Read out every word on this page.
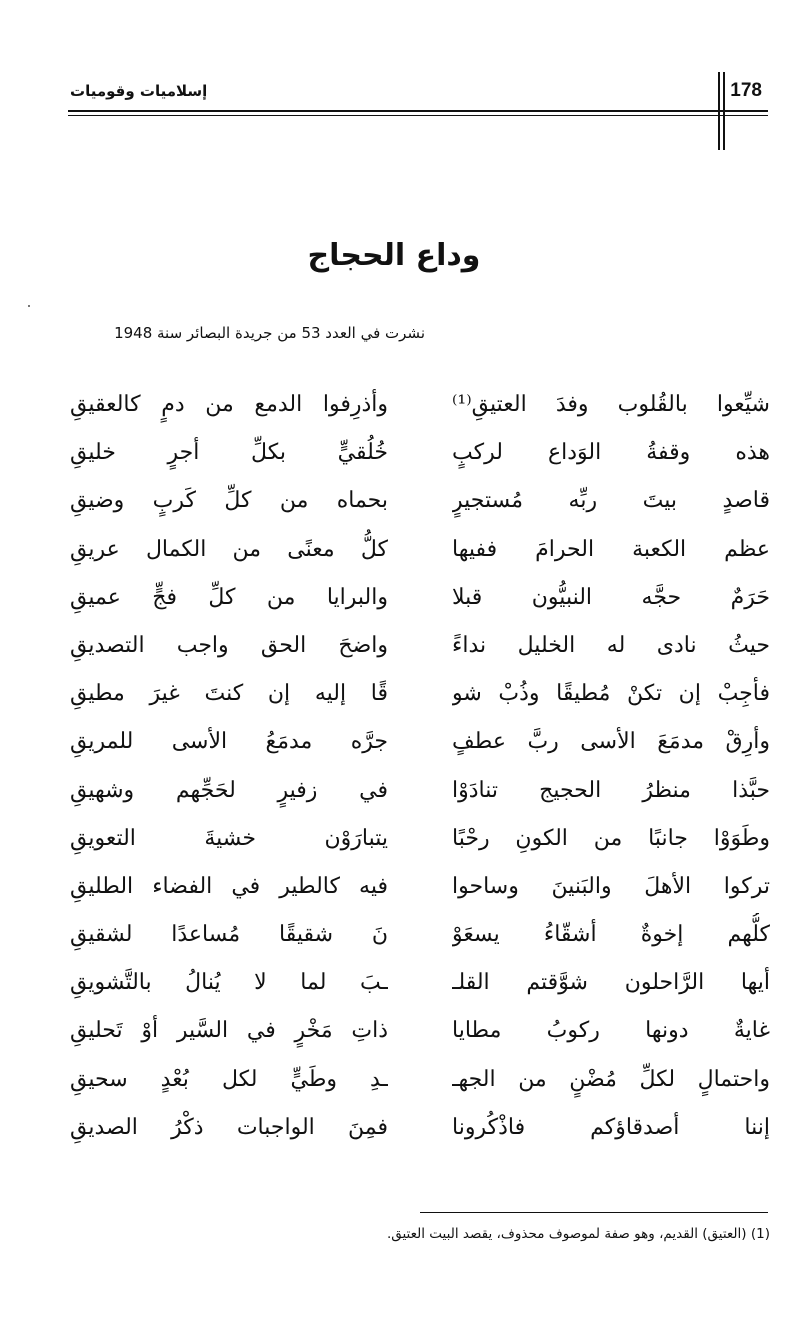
178
إسلاميات وقوميات
وداع الحجاج
نشرت في العدد 53 من جريدة البصائر سنة 1948
شيِّعوا بالقُلوب وفدَ العتيقِ⁽¹⁾
وأذرِفوا الدمع من دمٍ كالعقيقِ
هذه وقفةُ الوَداع لركبٍ
خُلُقيٍّ بكلِّ أجرٍ خليقِ
قاصدٍ بيتَ ربِّه مُستجيرٍ
بحماه من كلِّ كَربٍ وضيقِ
عظم الكعبة الحرامَ ففيها
كلُّ معنًى من الكمال عريقِ
حَرَمٌ حجَّه النبيُّون قبلا
والبرايا من كلِّ فجٍّ عميقِ
حيثُ نادى له الخليل نداءً
واضحَ الحق واجب التصديقِ
فأجِبْ إن تكنْ مُطيقًا وذُبْ شو
قًا إليه إن كنتَ غيرَ مطيقِ
وأرِقْ مدمَعَ الأسى ربَّ عطفٍ
جرَّه مدمَعُ الأسى للمريقِ
حبَّذا منظرُ الحجيج تنادَوْا
في زفيرٍ لحَجِّهم وشهيقِ
وطَوَوْا جانبًا من الكونِ رحْبًا
يتبارَوْن خشيةَ التعويقِ
تركوا الأهلَ والبَنينَ وساحوا
فيه كالطير في الفضاء الطليقِ
كلُّهم إخوةٌ أشقّاءُ يسعَوْ
نَ شقيقًا مُساعدًا لشقيقِ
أيها الرَّاحلون شوَّقتم القلـ
ـبَ لما لا يُنالُ بالتَّشويقِ
غايةٌ دونها ركوبُ مطايا
ذاتِ مَخْرٍ في السَّير أوْ تَحليقِ
واحتمالٍ لكلِّ مُضْنٍ من الجهـ
ـدِ وطَيٍّ لكل بُعْدٍ سحيقِ
إننا أصدقاؤكم فاذْكُرونا
فمِنَ الواجبات ذكْرُ الصديقِ
(1) (العتيق) القديم، وهو صفة لموصوف محذوف، يقصد البيت العتيق.
